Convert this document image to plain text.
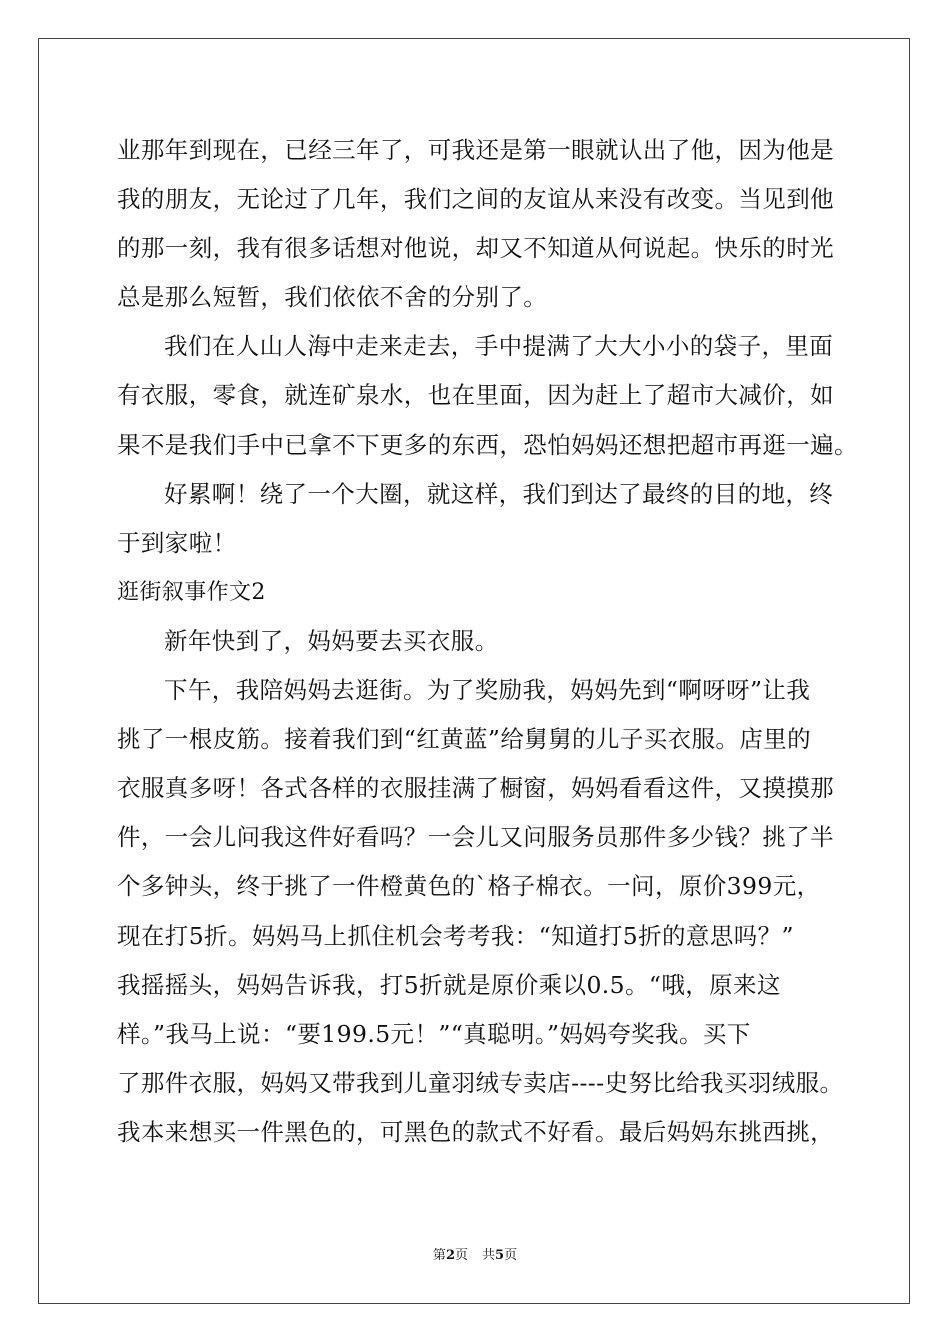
业那年到现在，已经三年了，可我还是第一眼就认出了他，因为他是
我的朋友，无论过了几年，我们之间的友谊从来没有改变。当见到他
的那一刻，我有很多话想对他说，却又不知道从何说起。快乐的时光
总是那么短暂，我们依依不舍的分别了。
我们在人山人海中走来走去，手中提满了大大小小的袋子，里面
有衣服，零食，就连矿泉水，也在里面，因为赶上了超市大减价，如
果不是我们手中已拿不下更多的东西，恐怕妈妈还想把超市再逛一遍。
好累啊！绕了一个大圈，就这样，我们到达了最终的目的地，终
于到家啦！
逛街叙事作文2
新年快到了，妈妈要去买衣服。
下午，我陪妈妈去逛街。为了奖励我，妈妈先到“啊呀呀”让我
挑了一根皮筋。接着我们到“红黄蓝”给舅舅的儿子买衣服。店里的
衣服真多呀！各式各样的衣服挂满了橱窗，妈妈看看这件，又摸摸那
件，一会儿问我这件好看吗？一会儿又问服务员那件多少钱？挑了半
个多钟头，终于挑了一件橙黄色的`格子棉衣。一问，原价399元，
现在打5折。妈妈马上抓住机会考考我：“知道打5折的意思吗？”
我摇摇头，妈妈告诉我，打5折就是原价乘以0.5。“哦，原来这
样。”我马上说：“要199.5元！”“真聪明。”妈妈夸奖我。买下
了那件衣服，妈妈又带我到儿童羽绒专卖店----史努比给我买羽绒服。
我本来想买一件黑色的，可黑色的款式不好看。最后妈妈东挑西挑，
第2页 共5页
